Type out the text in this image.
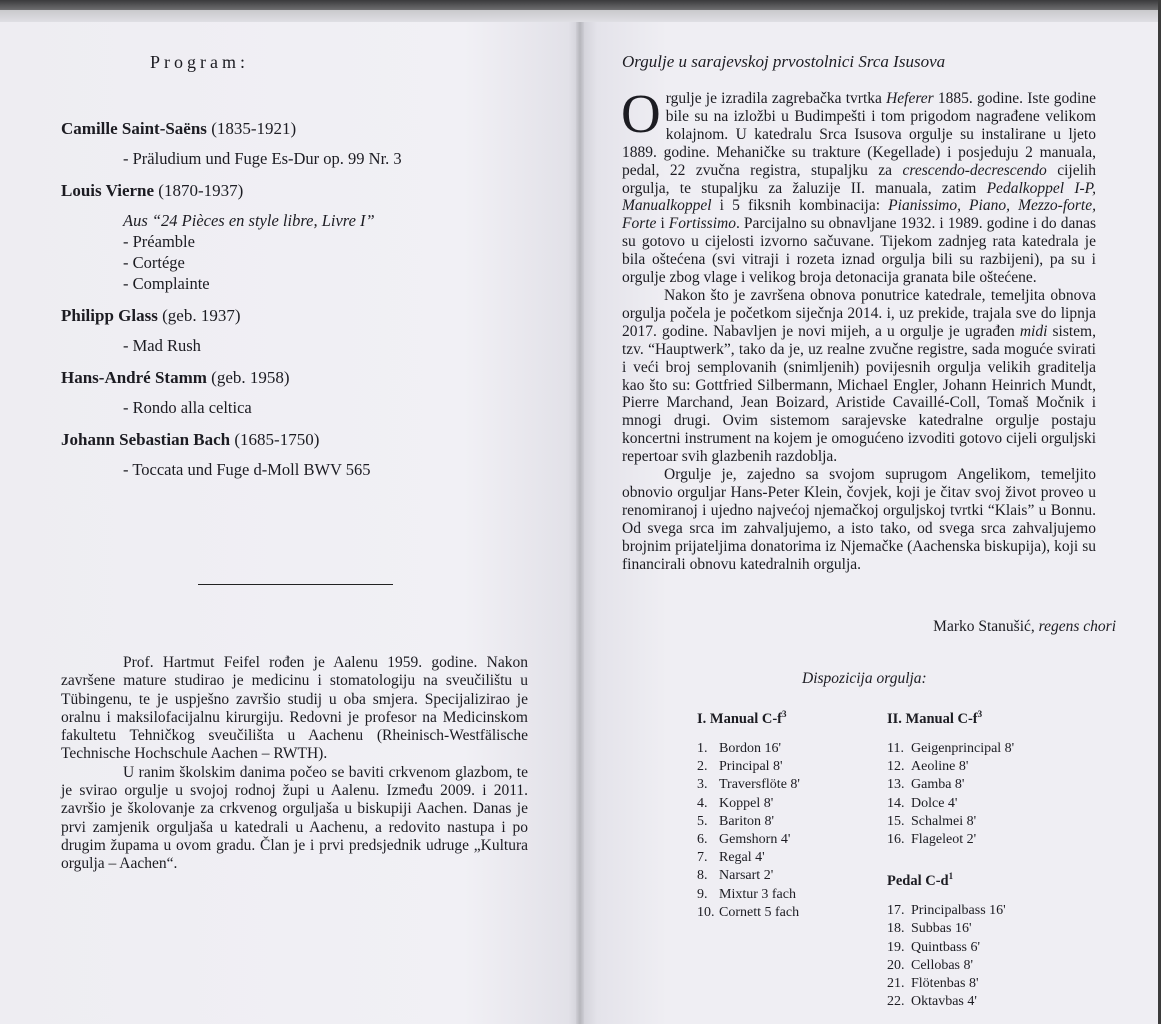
Program:
Camille Saint-Saëns (1835-1921)
- Präludium und Fuge Es-Dur op. 99 Nr. 3
Louis Vierne (1870-1937)
Aus “24 Pièces en style libre, Livre I”
- Préamble
- Cortége
- Complainte
Philipp Glass (geb. 1937)
- Mad Rush
Hans-André Stamm (geb. 1958)
- Rondo alla celtica
Johann Sebastian Bach (1685-1750)
- Toccata und Fuge d-Moll BWV 565

Prof. Hartmut Feifel rođen je Aalenu 1959. godine. Nakon završene mature studirao je medicinu i stomatologiju na sveučilištu u Tübingenu, te je uspješno završio studij u oba smjera. Specijalizirao je oralnu i maksilofacijalnu kirurgiju. Redovni je profesor na Medicinskom fakultetu Tehničkog sveučilišta u Aachenu (Rheinisch-Westfälische Technische Hochschule Aachen – RWTH).

U ranim školskim danima počeo se baviti crkvenom glazbom, te je svirao orgulje u svojoj rodnoj župi u Aalenu. Između 2009. i 2011. završio je školovanje za crkvenog orguljaša u biskupiji Aachen. Danas je prvi zamjenik orguljaša u katedrali u Aachenu, a redovito nastupa i po drugim župama u ovom gradu. Član je i prvi predsjednik udruge „Kultura orgulja – Aachen“.

Orgulje u sarajevskoj prvostolnici Srca Isusova

Orgulje je izradila zagrebačka tvrtka Heferer 1885. godine. Iste godine bile su na izložbi u Budimpešti i tom prigodom nagrađene velikom kolajnom. U katedralu Srca Isusova orgulje su instalirane u ljeto 1889. godine. Mehaničke su trakture (Kegellade) i posjeduju 2 manuala, pedal, 22 zvučna registra, stupaljku za crescendo-decrescendo cijelih orgulja, te stupaljku za žaluzije II. manuala, zatim Pedalkoppel I-P, Manualkoppel i 5 fiksnih kombinacija: Pianissimo, Piano, Mezzo-forte, Forte i Fortissimo. Parcijalno su obnavljane 1932. i 1989. godine i do danas su gotovo u cijelosti izvorno sačuvane. Tijekom zadnjeg rata katedrala je bila oštećena (svi vitraji i rozeta iznad orgulja bili su razbijeni), pa su i orgulje zbog vlage i velikog broja detonacija granata bile oštećene.

Nakon što je završena obnova ponutrice katedrale, temeljita obnova orgulja počela je početkom siječnja 2014. i, uz prekide, trajala sve do lipnja 2017. godine. Nabavljen je novi mijeh, a u orgulje je ugrađen midi sistem, tzv. “Hauptwerk”, tako da je, uz realne zvučne registre, sada moguće svirati i veći broj semplovanih (snimljenih) povijesnih orgulja velikih graditelja kao što su: Gottfried Silbermann, Michael Engler, Johann Heinrich Mundt, Pierre Marchand, Jean Boizard, Aristide Cavaillé-Coll, Tomaš Močnik i mnogi drugi. Ovim sistemom sarajevske katedralne orgulje postaju koncertni instrument na kojem je omogućeno izvoditi gotovo cijeli orguljski repertoar svih glazbenih razdoblja.

Orgulje je, zajedno sa svojom suprugom Angelikom, temeljito obnovio orguljar Hans-Peter Klein, čovjek, koji je čitav svoj život proveo u renomiranoj i ujedno najvećoj njemačkoj orguljskoj tvrtki “Klais” u Bonnu. Od svega srca im zahvaljujemo, a isto tako, od svega srca zahvaljujemo brojnim prijateljima donatorima iz Njemačke (Aachenska biskupija), koji su financirali obnovu katedralnih orgulja.

Marko Stanušić, regens chori
Dispozicija orgulja:
I. Manual $C-f^3$
1. Bordon 16'
2. Principal 8'
3. Traversflöte 8'
4. Koppel 8'
5. Bariton 8'
6. Gemshorn 4'
7. Regal 4'
8. Narsart 2'
9. Mixtur 3 fach
10. Cornett 5 fach
II. Manual $C-f^3$
11. Geigenprincipal 8'
12. Aeoline 8'
13. Gamba 8'
14. Dolce 4'
15. Schalmei 8'
16. Flageleot 2'
Pedal $C-d^1$
17. Principalbass 16'
18. Subbas 16'
19. Quintbass 6'
20. Cellobas 8'
21. Flötenbas 8'
22. Oktavbas 4'
